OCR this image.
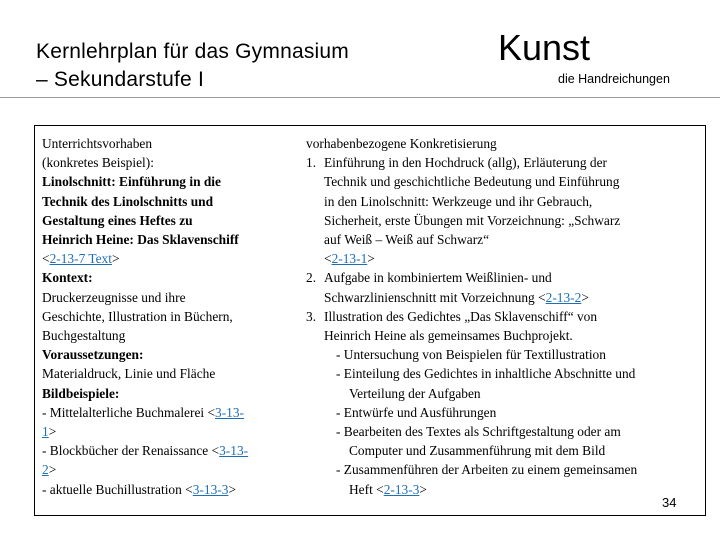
Kernlehrplan für das Gymnasium
– Sekundarstufe I
Kunst
die Handreichungen
Unterrichtsvorhaben
(konkretes Beispiel):
Linolschnitt: Einführung in die
Technik des Linolschnitts und
Gestaltung eines Heftes zu
Heinrich Heine: Das Sklavenschiff
<2-13-7 Text>
Kontext:
Druckerzeugnisse und ihre
Geschichte, Illustration in Büchern,
Buchgestaltung
Voraussetzungen:
Materialdruck, Linie und Fläche
Bildbeispiele:
- Mittelalterliche Buchmalerei <3-13-
1>
- Blockbücher der Renaissance <3-13-
2>
- aktuelle Buchillustration <3-13-3>
vorhabenbezogene Konkretisierung
1. Einführung in den Hochdruck (allg), Erläuterung der
Technik und geschichtliche Bedeutung und Einführung
in den Linolschnitt: Werkzeuge und ihr Gebrauch,
Sicherheit, erste Übungen mit Vorzeichnung: „Schwarz
auf Weiß – Weiß auf Schwarz“
<2-13-1>
2. Aufgabe in kombiniertem Weißlinien- und
Schwarzlinienschnitt mit Vorzeichnung <2-13-2>
3. Illustration des Gedichtes „Das Sklavenschiff“ von
Heinrich Heine als gemeinsames Buchprojekt.
- Untersuchung von Beispielen für Textillustration
- Einteilung des Gedichtes in inhaltliche Abschnitte und
Verteilung der Aufgaben
- Entwürfe und Ausführungen
- Bearbeiten des Textes als Schriftgestaltung oder am
Computer und Zusammenführung mit dem Bild
- Zusammenführen der Arbeiten zu einem gemeinsamen
Heft <2-13-3>
34
